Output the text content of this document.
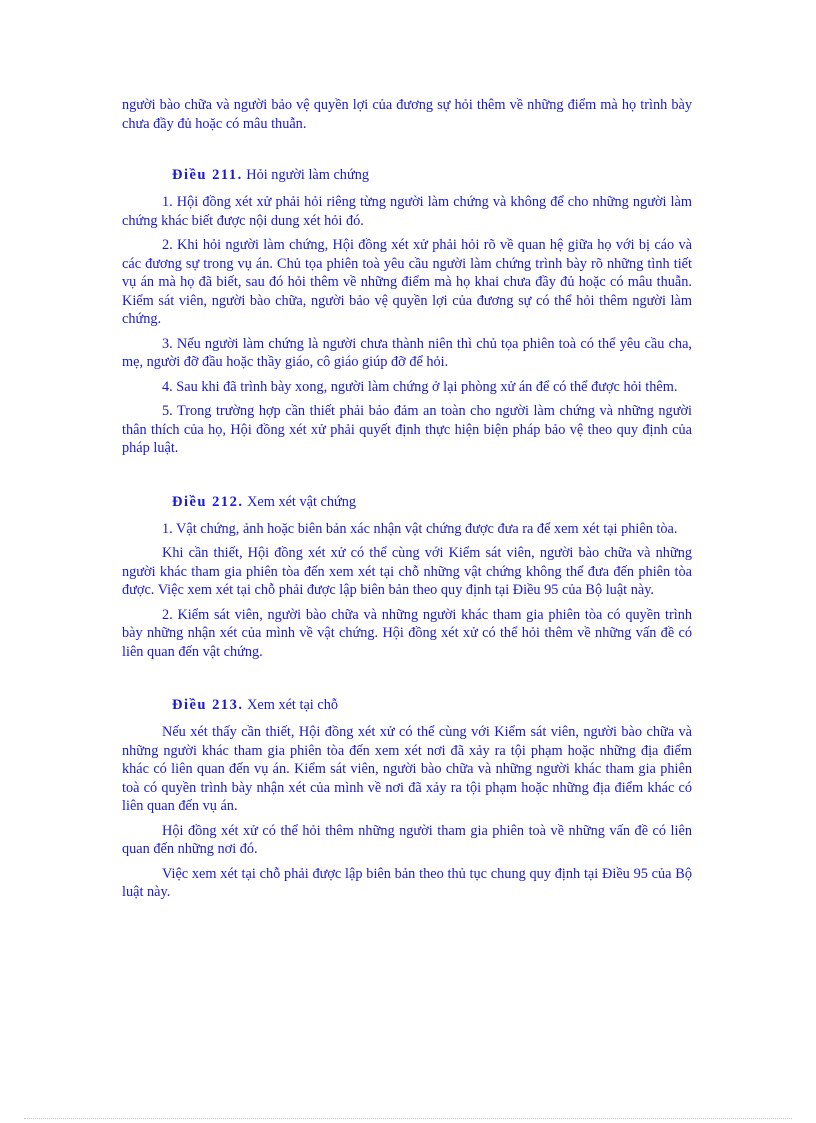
người bào chữa và người bảo vệ quyền lợi của đương sự hỏi thêm về những điểm mà họ trình bày chưa đầy đủ hoặc có mâu thuẫn.

Điều 211. Hỏi người làm chứng

1. Hội đồng xét xử phải hỏi riêng từng người làm chứng và không để cho những người làm chứng khác biết được nội dung xét hỏi đó.

2. Khi hỏi người làm chứng, Hội đồng xét xử phải hỏi rõ về quan hệ giữa họ với bị cáo và các đương sự trong vụ án. Chủ tọa phiên toà yêu cầu người làm chứng trình bày rõ những tình tiết vụ án mà họ đã biết, sau đó hỏi thêm về những điểm mà họ khai chưa đầy đủ hoặc có mâu thuẫn. Kiểm sát viên, người bào chữa, người bảo vệ quyền lợi của đương sự có thể hỏi thêm người làm chứng.

3. Nếu người làm chứng là người chưa thành niên thì chủ tọa phiên toà có thể yêu cầu cha, mẹ, người đỡ đầu hoặc thầy giáo, cô giáo giúp đỡ để hỏi.

4. Sau khi đã trình bày xong, người làm chứng ở lại phòng xử án để có thể được hỏi thêm.

5. Trong trường hợp cần thiết phải bảo đảm an toàn cho người làm chứng và những người thân thích của họ, Hội đồng xét xử phải quyết định thực hiện biện pháp bảo vệ theo quy định của pháp luật.

Điều 212. Xem xét vật chứng

1. Vật chứng, ảnh hoặc biên bản xác nhận vật chứng được đưa ra để xem xét tại phiên tòa.

Khi cần thiết, Hội đồng xét xử có thể cùng với Kiểm sát viên, người bào chữa và những người khác tham gia phiên tòa đến xem xét tại chỗ những vật chứng không thể đưa đến phiên tòa được. Việc xem xét tại chỗ phải được lập biên bản theo quy định tại Điều 95 của Bộ luật này.

2. Kiểm sát viên, người bào chữa và những người khác tham gia phiên tòa có quyền trình bày những nhận xét của mình về vật chứng. Hội đồng xét xử có thể hỏi thêm về những vấn đề có liên quan đến vật chứng.

Điều 213. Xem xét tại chỗ

Nếu xét thấy cần thiết, Hội đồng xét xử có thể cùng với Kiểm sát viên, người bào chữa và những người khác tham gia phiên tòa đến xem xét nơi đã xảy ra tội phạm hoặc những địa điểm khác có liên quan đến vụ án. Kiểm sát viên, người bào chữa và những người khác tham gia phiên toà có quyền trình bày nhận xét của mình về nơi đã xảy ra tội phạm hoặc những địa điểm khác có liên quan đến vụ án.

Hội đồng xét xử có thể hỏi thêm những người tham gia phiên toà về những vấn đề có liên quan đến những nơi đó.

Việc xem xét tại chỗ phải được lập biên bản theo thủ tục chung quy định tại Điều 95 của Bộ luật này.
